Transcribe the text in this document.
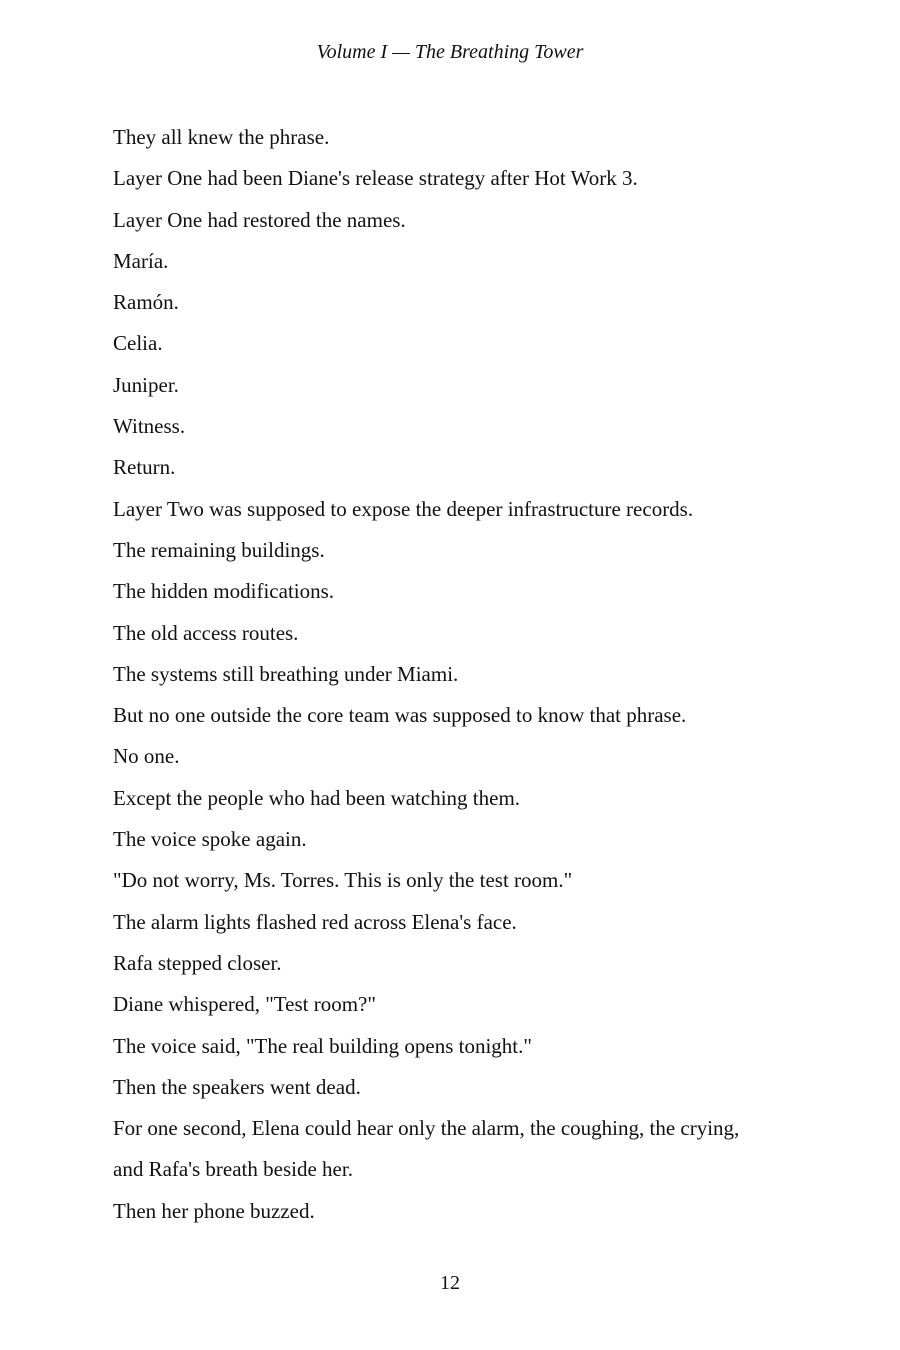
Volume I — The Breathing Tower

They all knew the phrase.

Layer One had been Diane's release strategy after Hot Work 3.

Layer One had restored the names.

María.

Ramón.

Celia.

Juniper.

Witness.

Return.

Layer Two was supposed to expose the deeper infrastructure records.

The remaining buildings.

The hidden modifications.

The old access routes.

The systems still breathing under Miami.

But no one outside the core team was supposed to know that phrase.

No one.

Except the people who had been watching them.

The voice spoke again.

"Do not worry, Ms. Torres. This is only the test room."

The alarm lights flashed red across Elena's face.

Rafa stepped closer.

Diane whispered, "Test room?"

The voice said, "The real building opens tonight."

Then the speakers went dead.

For one second, Elena could hear only the alarm, the coughing, the crying, and Rafa's breath beside her.

Then her phone buzzed.

12
